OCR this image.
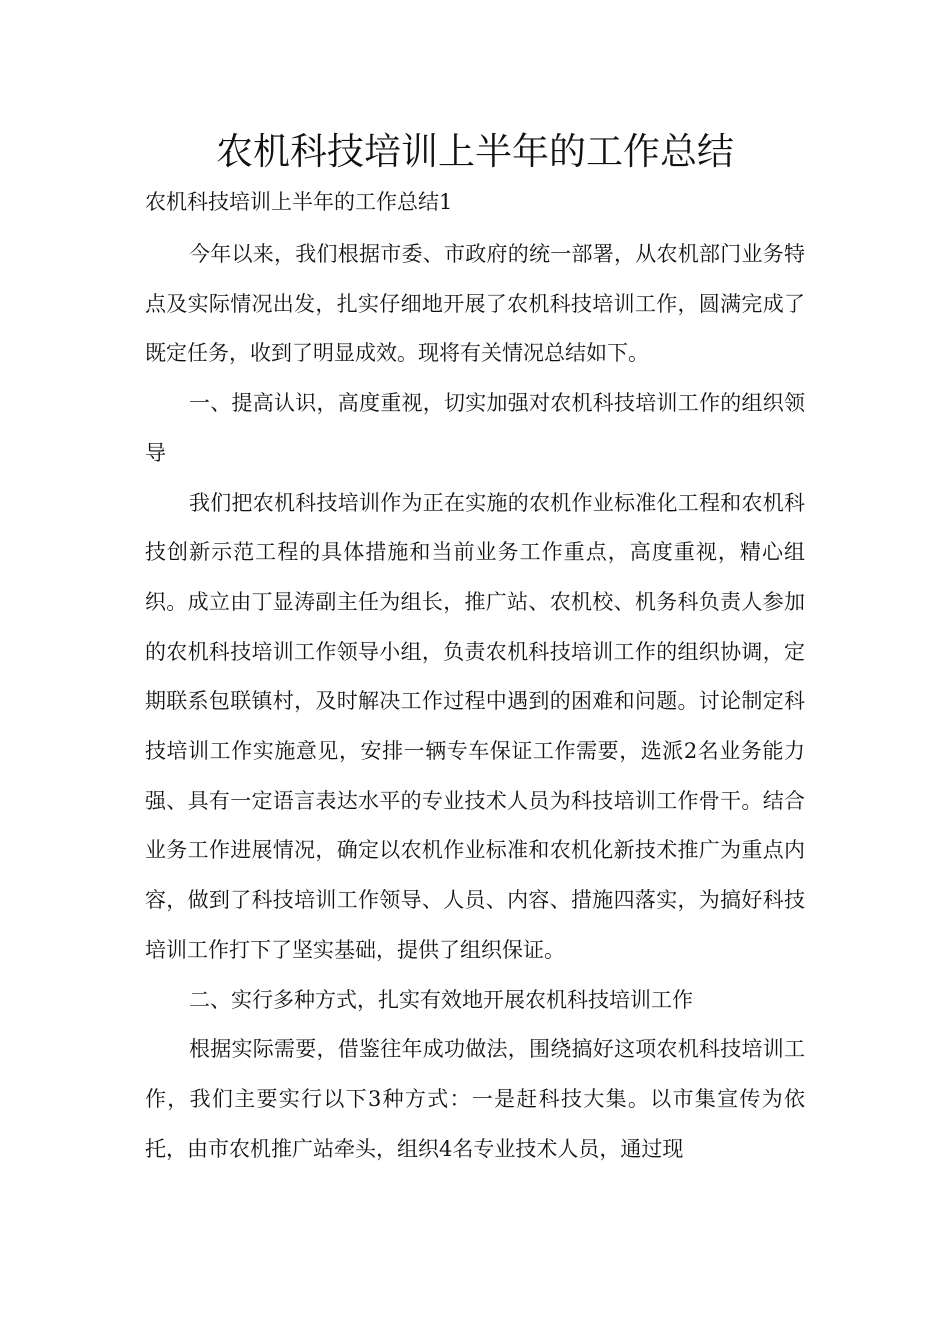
农机科技培训上半年的工作总结
农机科技培训上半年的工作总结1

今年以来，我们根据市委、市政府的统一部署，从农机部门业务特点及实际情况出发，扎实仔细地开展了农机科技培训工作，圆满完成了既定任务，收到了明显成效。现将有关情况总结如下。

一、提高认识，高度重视，切实加强对农机科技培训工作的组织领导

我们把农机科技培训作为正在实施的农机作业标准化工程和农机科技创新示范工程的具体措施和当前业务工作重点，高度重视，精心组织。成立由丁显涛副主任为组长，推广站、农机校、机务科负责人参加的农机科技培训工作领导小组，负责农机科技培训工作的组织协调，定期联系包联镇村，及时解决工作过程中遇到的困难和问题。讨论制定科技培训工作实施意见，安排一辆专车保证工作需要，选派2名业务能力强、具有一定语言表达水平的专业技术人员为科技培训工作骨干。结合业务工作进展情况，确定以农机作业标准和农机化新技术推广为重点内容，做到了科技培训工作领导、人员、内容、措施四落实，为搞好科技培训工作打下了坚实基础，提供了组织保证。

二、实行多种方式，扎实有效地开展农机科技培训工作

根据实际需要，借鉴往年成功做法，围绕搞好这项农机科技培训工作，我们主要实行以下3种方式：一是赶科技大集。以市集宣传为依托，由市农机推广站牵头，组织4名专业技术人员，通过现
